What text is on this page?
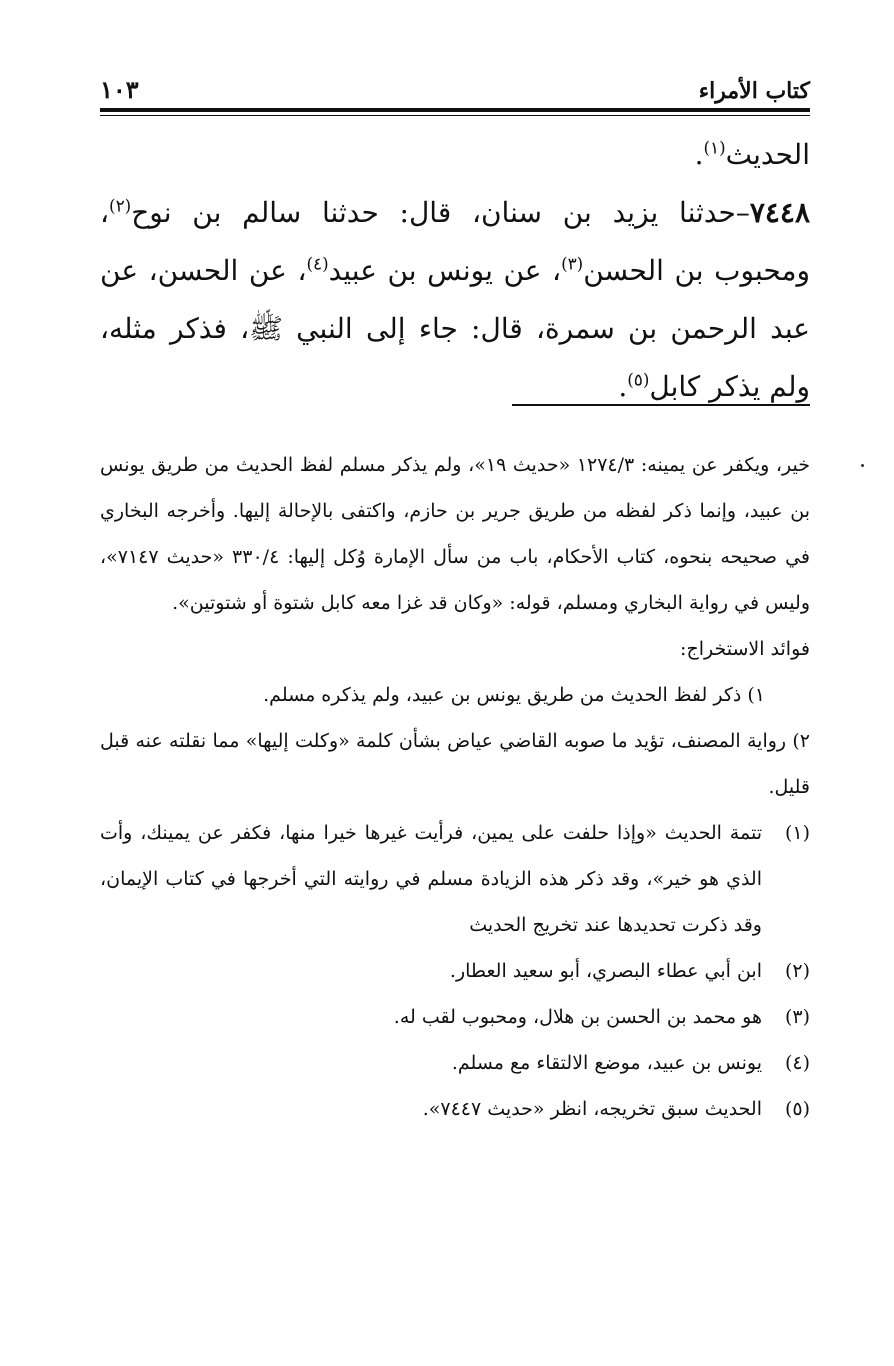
كتاب الأمراء
١٠٣

الحديث$^{(١)}$.

٧٤٤٨–حدثنا يزيد بن سنان، قال: حدثنا سالم بن نوح$^{(٢)}$، ومحبوب بن الحسن$^{(٣)}$، عن يونس بن عبيد$^{(٤)}$، عن الحسن، عن عبد الرحمن بن سمرة، قال: جاء إلى النبي ﷺ، فذكر مثله، ولم يذكر كابل$^{(٥)}$.

خير، ويكفر عن يمينه: ١٢٧٤/٣ «حديث ١٩»، ولم يذكر مسلم لفظ الحديث من طريق يونس بن عبيد، وإنما ذكر لفظه من طريق جرير بن حازم، واكتفى بالإحالة إليها. وأخرجه البخاري في صحيحه بنحوه، كتاب الأحكام، باب من سأل الإمارة وُكل إليها: ٣٣٠/٤ «حديث ٧١٤٧»، وليس في رواية البخاري ومسلم، قوله: «وكان قد غزا معه كابل شتوة أو شتوتين».

فوائد الاستخراج:

١) ذكر لفظ الحديث من طريق يونس بن عبيد، ولم يذكره مسلم.

٢) رواية المصنف، تؤيد ما صوبه القاضي عياض بشأن كلمة «وكلت إليها» مما نقلته عنه قبل قليل.

(١)
تتمة الحديث «وإذا حلفت على يمين، فرأيت غيرها خيرا منها، فكفر عن يمينك، وأت الذي هو خير»، وقد ذكر هذه الزيادة مسلم في روايته التي أخرجها في كتاب الإيمان، وقد ذكرت تحديدها عند تخريج الحديث
(٢)
ابن أبي عطاء البصري، أبو سعيد العطار.
(٣)
هو محمد بن الحسن بن هلال، ومحبوب لقب له.
(٤)
يونس بن عبيد، موضع الالتقاء مع مسلم.
(٥)
الحديث سبق تخريجه، انظر «حديث ٧٤٤٧».
